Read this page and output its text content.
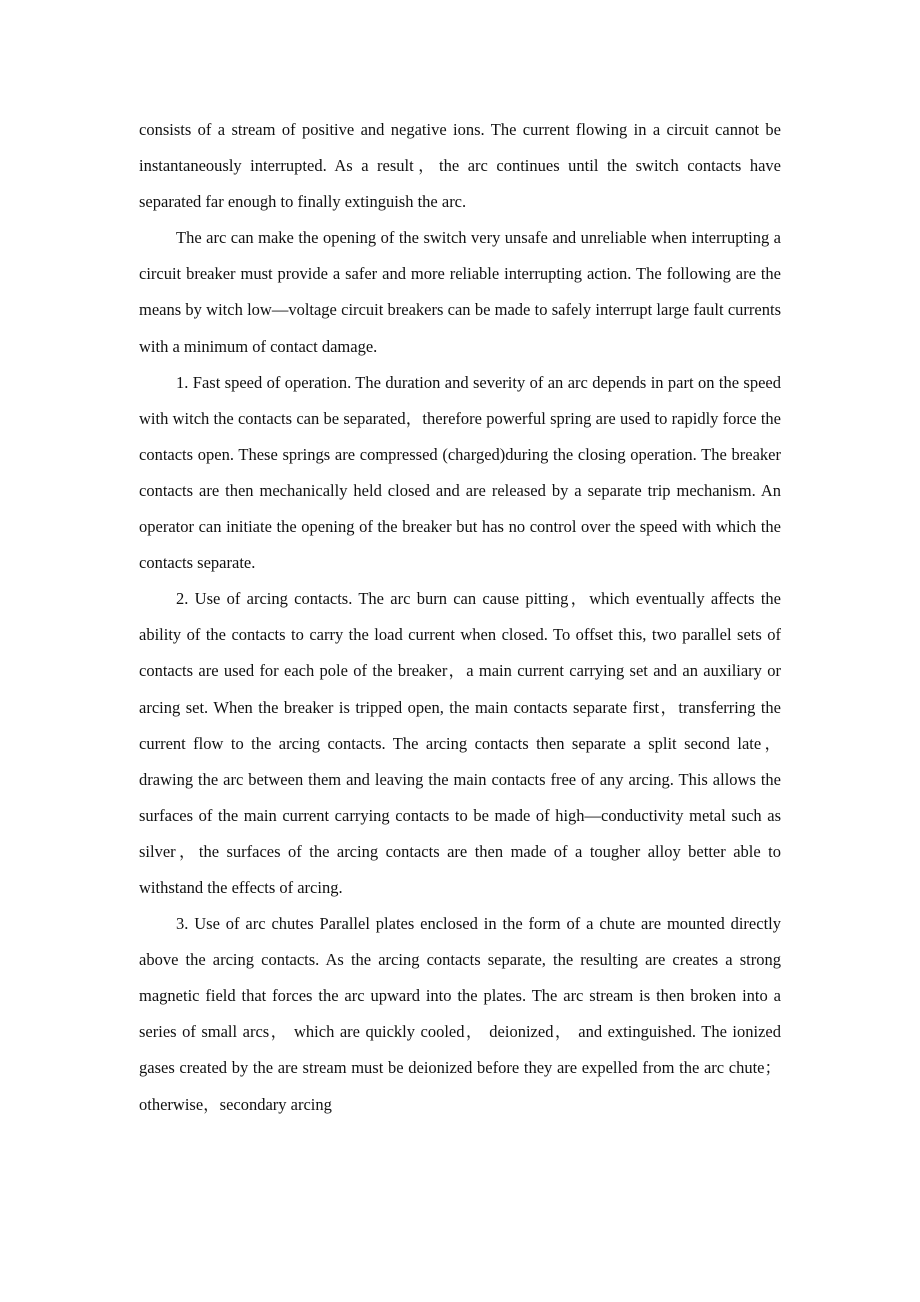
consists of a stream of positive and negative ions. The current flowing in a circuit cannot be instantaneously interrupted. As a result，the arc continues until the switch contacts have separated far enough to finally extinguish the arc.

The arc can make the opening of the switch very unsafe and unreliable when interrupting a circuit breaker must provide a safer and more reliable interrupting action. The following are the means by witch low—voltage circuit breakers can be made to safely interrupt large fault currents with a minimum of contact damage.

1. Fast speed of operation. The duration and severity of an arc depends in part on the speed with witch the contacts can be separated，therefore powerful spring are used to rapidly force the contacts open. These springs are compressed (charged)during the closing operation. The breaker contacts are then mechanically held closed and are released by a separate trip mechanism. An operator can initiate the opening of the breaker but has no control over the speed with which the contacts separate.

2. Use of arcing contacts. The arc burn can cause pitting，which eventually affects the ability of the contacts to carry the load current when closed. To offset this, two parallel sets of contacts are used for each pole of the breaker，a main current carrying set and an auxiliary or arcing set. When the breaker is tripped open, the main contacts separate first，transferring the current flow to the arcing contacts. The arcing contacts then separate a split second late，drawing the arc between them and leaving the main contacts free of any arcing. This allows the surfaces of the main current carrying contacts to be made of high—conductivity metal such as silver，the surfaces of the arcing contacts are then made of a tougher alloy better able to withstand the effects of arcing.

3. Use of arc chutes Parallel plates enclosed in the form of a chute are mounted directly above the arcing contacts. As the arcing contacts separate, the resulting are creates a strong magnetic field that forces the arc upward into the plates. The arc stream is then broken into a series of small arcs， which are quickly cooled， deionized， and extinguished. The ionized gases created by the are stream must be deionized before they are expelled from the arc chute；otherwise，secondary arcing
